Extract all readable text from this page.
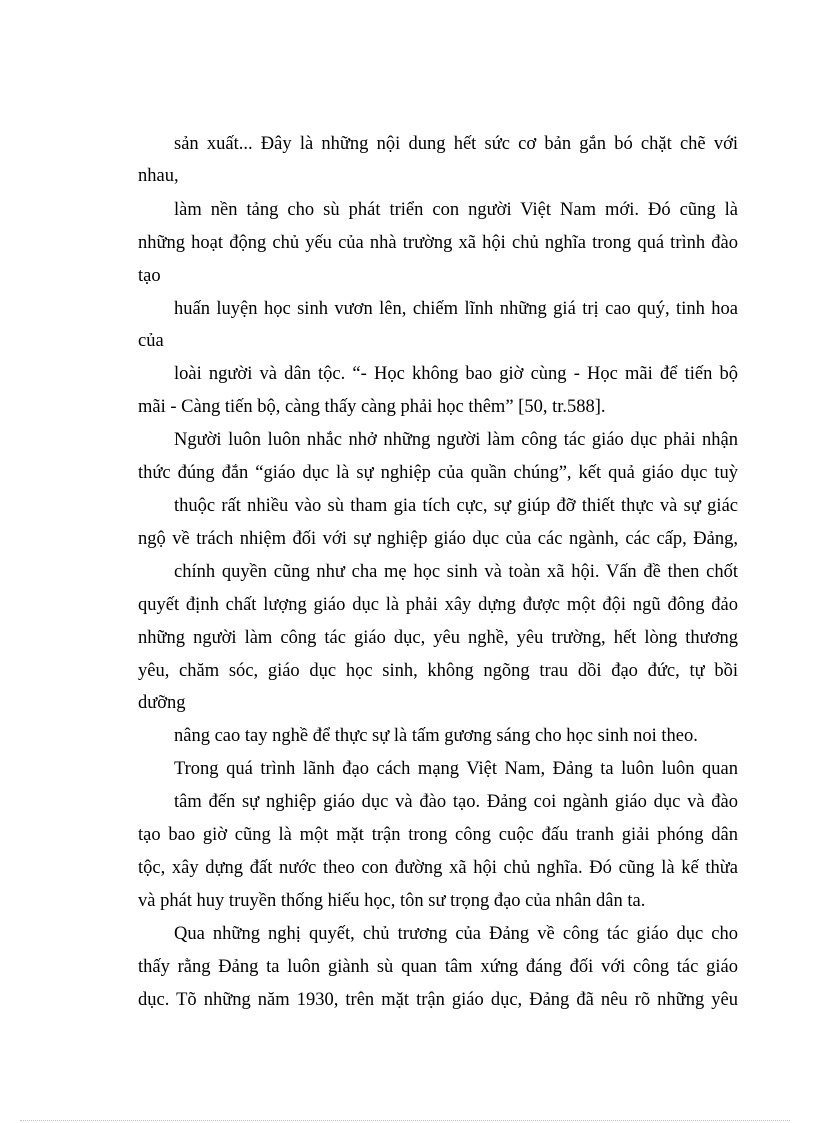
sản xuất... Đây là những nội dung hết sức cơ bản gắn bó chặt chẽ với

nhau,

làm nền tảng cho sù phát triển con người Việt Nam mới. Đó cũng là

những hoạt động chủ yếu của nhà trường xã hội chủ nghĩa trong quá trình đào

tạo

huấn luyện học sinh vươn lên, chiếm lĩnh những giá trị cao quý, tinh hoa

của

loài người và dân tộc. “- Học không bao giờ cùng - Học mãi để tiến bộ

mãi - Càng tiến bộ, càng thấy càng phải học thêm” [50, tr.588].

Người luôn luôn nhắc nhở những người làm công tác giáo dục phải nhận

thức đúng đắn “giáo dục là sự nghiệp của quần chúng”, kết quả giáo dục tuỳ

thuộc rất nhiều vào sù tham gia tích cực, sự giúp đỡ thiết thực và sự giác

ngộ về trách nhiệm đối với sự nghiệp giáo dục của các ngành, các cấp, Đảng,

chính quyền cũng như cha mẹ học sinh và toàn xã hội. Vấn đề then chốt

quyết định chất lượng giáo dục là phải xây dựng được một đội ngũ đông đảo

những người làm công tác giáo dục, yêu nghề, yêu trường, hết lòng thương

yêu, chăm sóc, giáo dục học sinh, không ngõng trau dồi đạo đức, tự bồi

dưỡng

nâng cao tay nghề để thực sự là tấm gương sáng cho học sinh noi theo.

Trong quá trình lãnh đạo cách mạng Việt Nam, Đảng ta luôn luôn quan

tâm đến sự nghiệp giáo dục và đào tạo. Đảng coi ngành giáo dục và đào

tạo bao giờ cũng là một mặt trận trong công cuộc đấu tranh giải phóng dân

tộc, xây dựng đất nước theo con đường xã hội chủ nghĩa. Đó cũng là kế thừa

và phát huy truyền thống hiếu học, tôn sư trọng đạo của nhân dân ta.

Qua những nghị quyết, chủ trương của Đảng về công tác giáo dục cho

thấy rằng Đảng ta luôn giành sù quan tâm xứng đáng đối với công tác giáo

dục. Tõ những năm 1930, trên mặt trận giáo dục, Đảng đã nêu rõ những yêu
